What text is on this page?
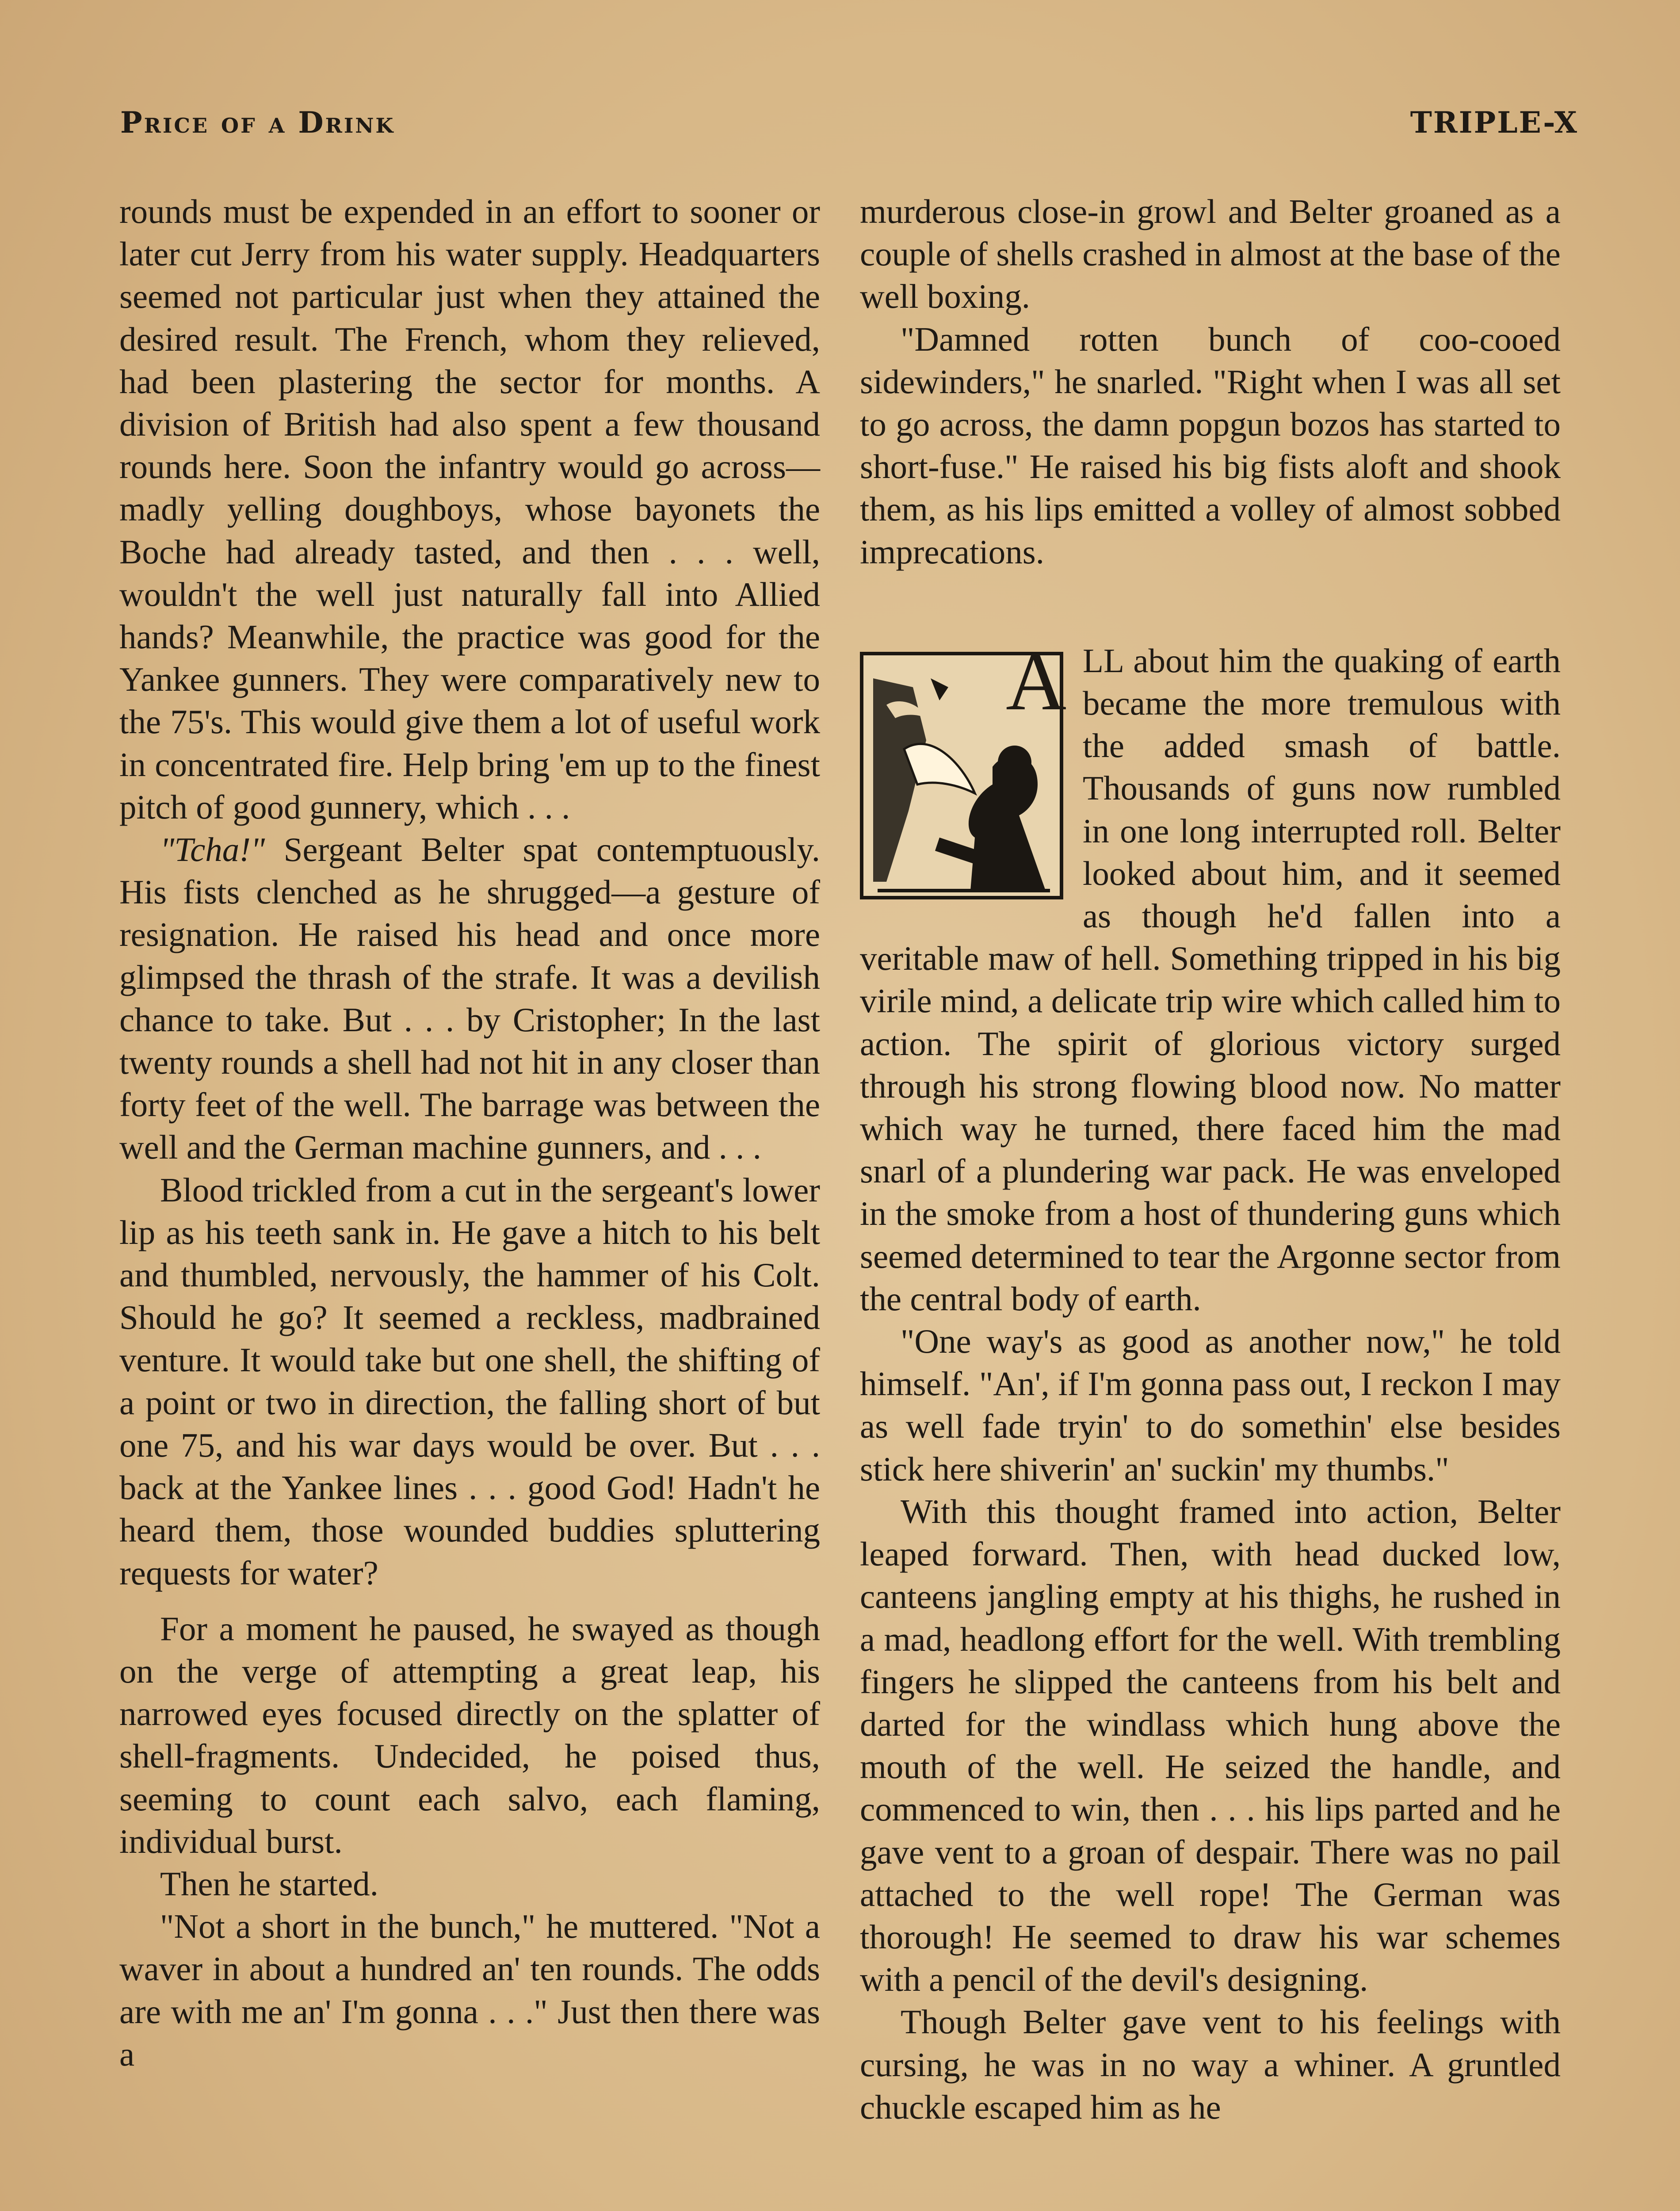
Price of a Drink	TRIPLE-X

rounds must be expended in an effort to sooner or later cut Jerry from his water supply. Headquarters seemed not particular just when they attained the desired result. The French, whom they relieved, had been plastering the sector for months. A division of British had also spent a few thousand rounds here. Soon the infantry would go across—madly yelling doughboys, whose bayonets the Boche had already tasted, and then . . . well, wouldn't the well just naturally fall into Allied hands? Meanwhile, the practice was good for the Yankee gunners. They were comparatively new to the 75's. This would give them a lot of useful work in concentrated fire. Help bring 'em up to the finest pitch of good gunnery, which . . .

"Tcha!" Sergeant Belter spat contemptuously. His fists clenched as he shrugged—a gesture of resignation. He raised his head and once more glimpsed the thrash of the strafe. It was a devilish chance to take. But . . . by Cristopher; In the last twenty rounds a shell had not hit in any closer than forty feet of the well. The barrage was between the well and the German machine gunners, and . . .

Blood trickled from a cut in the sergeant's lower lip as his teeth sank in. He gave a hitch to his belt and thumbled, nervously, the hammer of his Colt. Should he go? It seemed a reckless, madbrained venture. It would take but one shell, the shifting of a point or two in direction, the falling short of but one 75, and his war days would be over. But . . . back at the Yankee lines . . . good God! Hadn't he heard them, those wounded buddies spluttering requests for water?

For a moment he paused, he swayed as though on the verge of attempting a great leap, his narrowed eyes focused directly on the splatter of shell-fragments. Undecided, he poised thus, seeming to count each salvo, each flaming, individual burst.

Then he started.

"Not a short in the bunch," he muttered. "Not a waver in about a hundred an' ten rounds. The odds are with me an' I'm gonna . . ." Just then there was a

murderous close-in growl and Belter groaned as a couple of shells crashed in almost at the base of the well boxing.

"Damned rotten bunch of coo-cooed sidewinders," he snarled. "Right when I was all set to go across, the damn popgun bozos has started to short-fuse." He raised his big fists aloft and shook them, as his lips emitted a volley of almost sobbed imprecations.

A LL about him the quaking of earth became the more tremulous with the added smash of battle. Thousands of guns now rumbled in one long interrupted roll. Belter looked about him, and it seemed as though he'd fallen into a veritable maw of hell. Something tripped in his big virile mind, a delicate trip wire which called him to action. The spirit of glorious victory surged through his strong flowing blood now. No matter which way he turned, there faced him the mad snarl of a plundering war pack. He was enveloped in the smoke from a host of thundering guns which seemed determined to tear the Argonne sector from the central body of earth.

"One way's as good as another now," he told himself. "An', if I'm gonna pass out, I reckon I may as well fade tryin' to do somethin' else besides stick here shiverin' an' suckin' my thumbs."

With this thought framed into action, Belter leaped forward. Then, with head ducked low, canteens jangling empty at his thighs, he rushed in a mad, headlong effort for the well. With trembling fingers he slipped the canteens from his belt and darted for the windlass which hung above the mouth of the well. He seized the handle, and commenced to win, then . . . his lips parted and he gave vent to a groan of despair. There was no pail attached to the well rope! The German was thorough! He seemed to draw his war schemes with a pencil of the devil's designing.

Though Belter gave vent to his feelings with cursing, he was in no way a whiner. A gruntled chuckle escaped him as he
